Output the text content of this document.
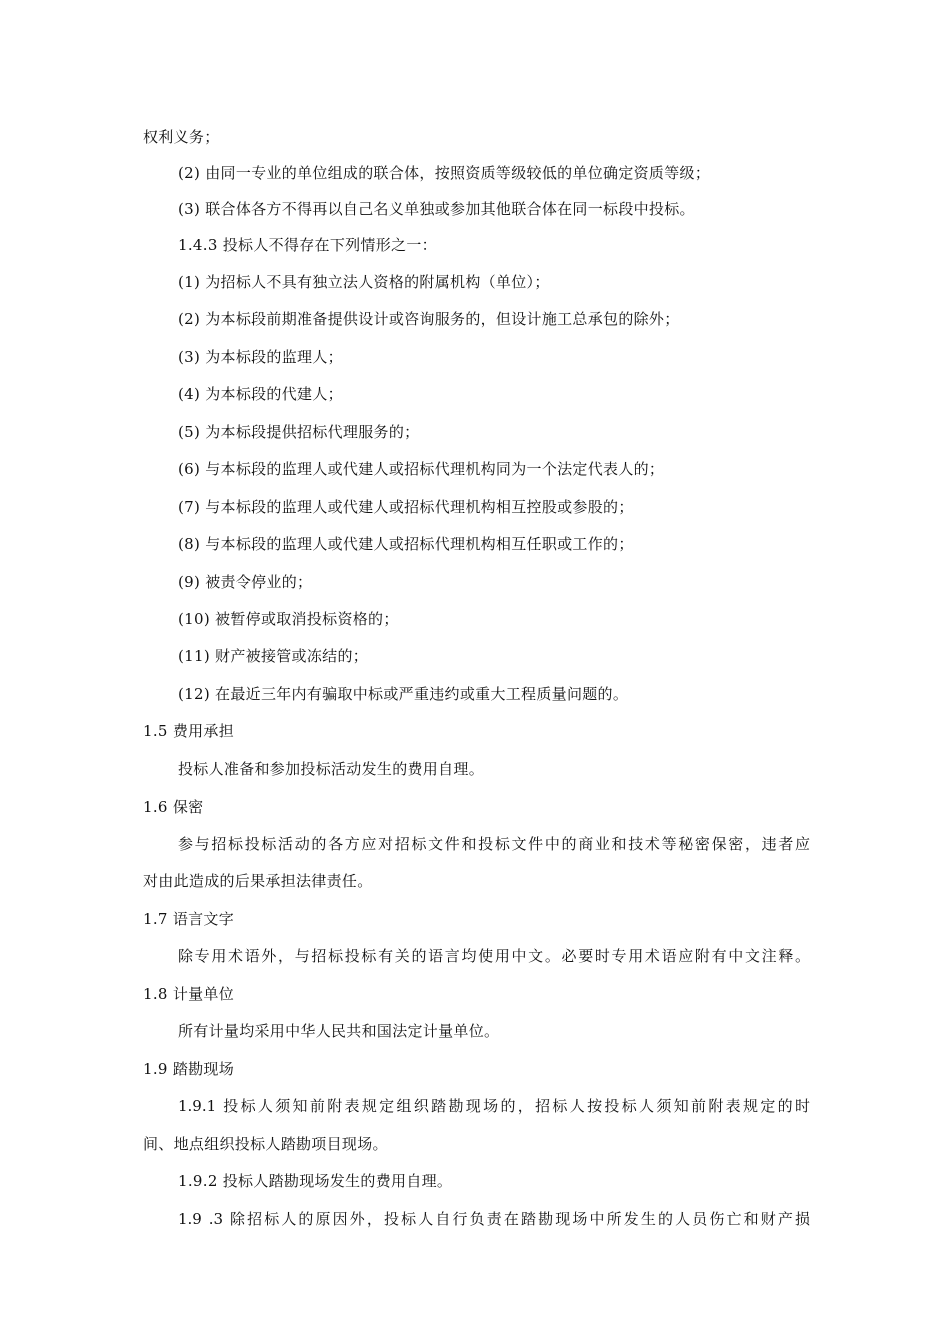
权利义务；
(2) 由同一专业的单位组成的联合体，按照资质等级较低的单位确定资质等级；
(3) 联合体各方不得再以自己名义单独或参加其他联合体在同一标段中投标。
1.4.3 投标人不得存在下列情形之一：
(1) 为招标人不具有独立法人资格的附属机构（单位）；
(2) 为本标段前期准备提供设计或咨询服务的，但设计施工总承包的除外；
(3) 为本标段的监理人；
(4) 为本标段的代建人；
(5) 为本标段提供招标代理服务的；
(6) 与本标段的监理人或代建人或招标代理机构同为一个法定代表人的；
(7) 与本标段的监理人或代建人或招标代理机构相互控股或参股的；
(8) 与本标段的监理人或代建人或招标代理机构相互任职或工作的；
(9) 被责令停业的；
(10) 被暂停或取消投标资格的；
(11) 财产被接管或冻结的；
(12) 在最近三年内有骗取中标或严重违约或重大工程质量问题的。
1.5 费用承担
投标人准备和参加投标活动发生的费用自理。
1.6 保密
参与招标投标活动的各方应对招标文件和投标文件中的商业和技术等秘密保密，违者应
对由此造成的后果承担法律责任。
1.7 语言文字
除专用术语外，与招标投标有关的语言均使用中文。必要时专用术语应附有中文注释。
1.8 计量单位
所有计量均采用中华人民共和国法定计量单位。
1.9 踏勘现场
1.9.1 投标人须知前附表规定组织踏勘现场的，招标人按投标人须知前附表规定的时
间、地点组织投标人踏勘项目现场。
1.9.2 投标人踏勘现场发生的费用自理。
1.9 .3 除招标人的原因外，投标人自行负责在踏勘现场中所发生的人员伤亡和财产损
